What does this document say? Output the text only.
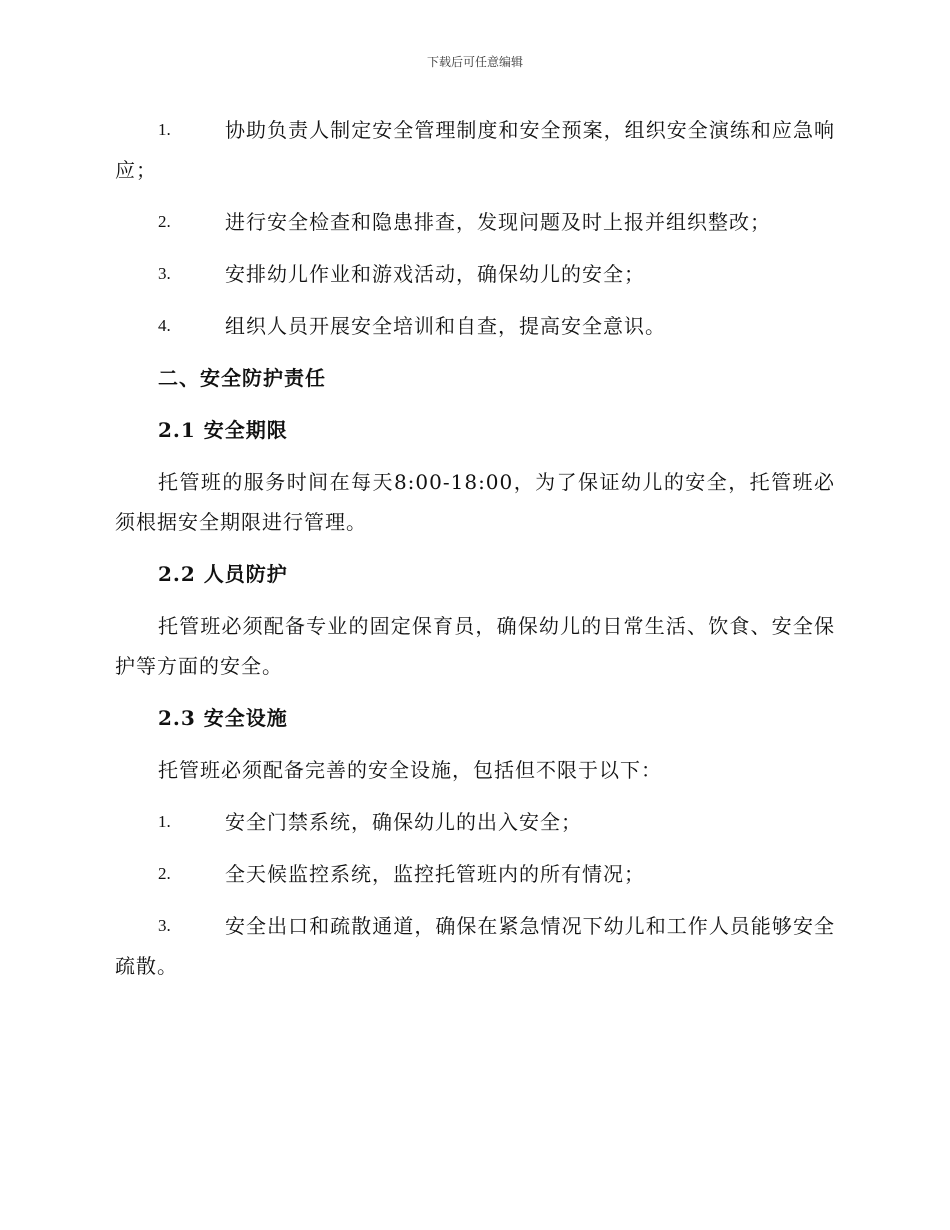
下载后可任意编辑
1.	协助负责人制定安全管理制度和安全预案，组织安全演练和应急响应；
2.	进行安全检查和隐患排查，发现问题及时上报并组织整改；
3.	安排幼儿作业和游戏活动，确保幼儿的安全；
4.	组织人员开展安全培训和自查，提高安全意识。
二、安全防护责任
2.1 安全期限
托管班的服务时间在每天8:00-18:00，为了保证幼儿的安全，托管班必须根据安全期限进行管理。
2.2 人员防护
托管班必须配备专业的固定保育员，确保幼儿的日常生活、饮食、安全保护等方面的安全。
2.3 安全设施
托管班必须配备完善的安全设施，包括但不限于以下：
1.	安全门禁系统，确保幼儿的出入安全；
2.	全天候监控系统，监控托管班内的所有情况；
3.	安全出口和疏散通道，确保在紧急情况下幼儿和工作人员能够安全疏散。
